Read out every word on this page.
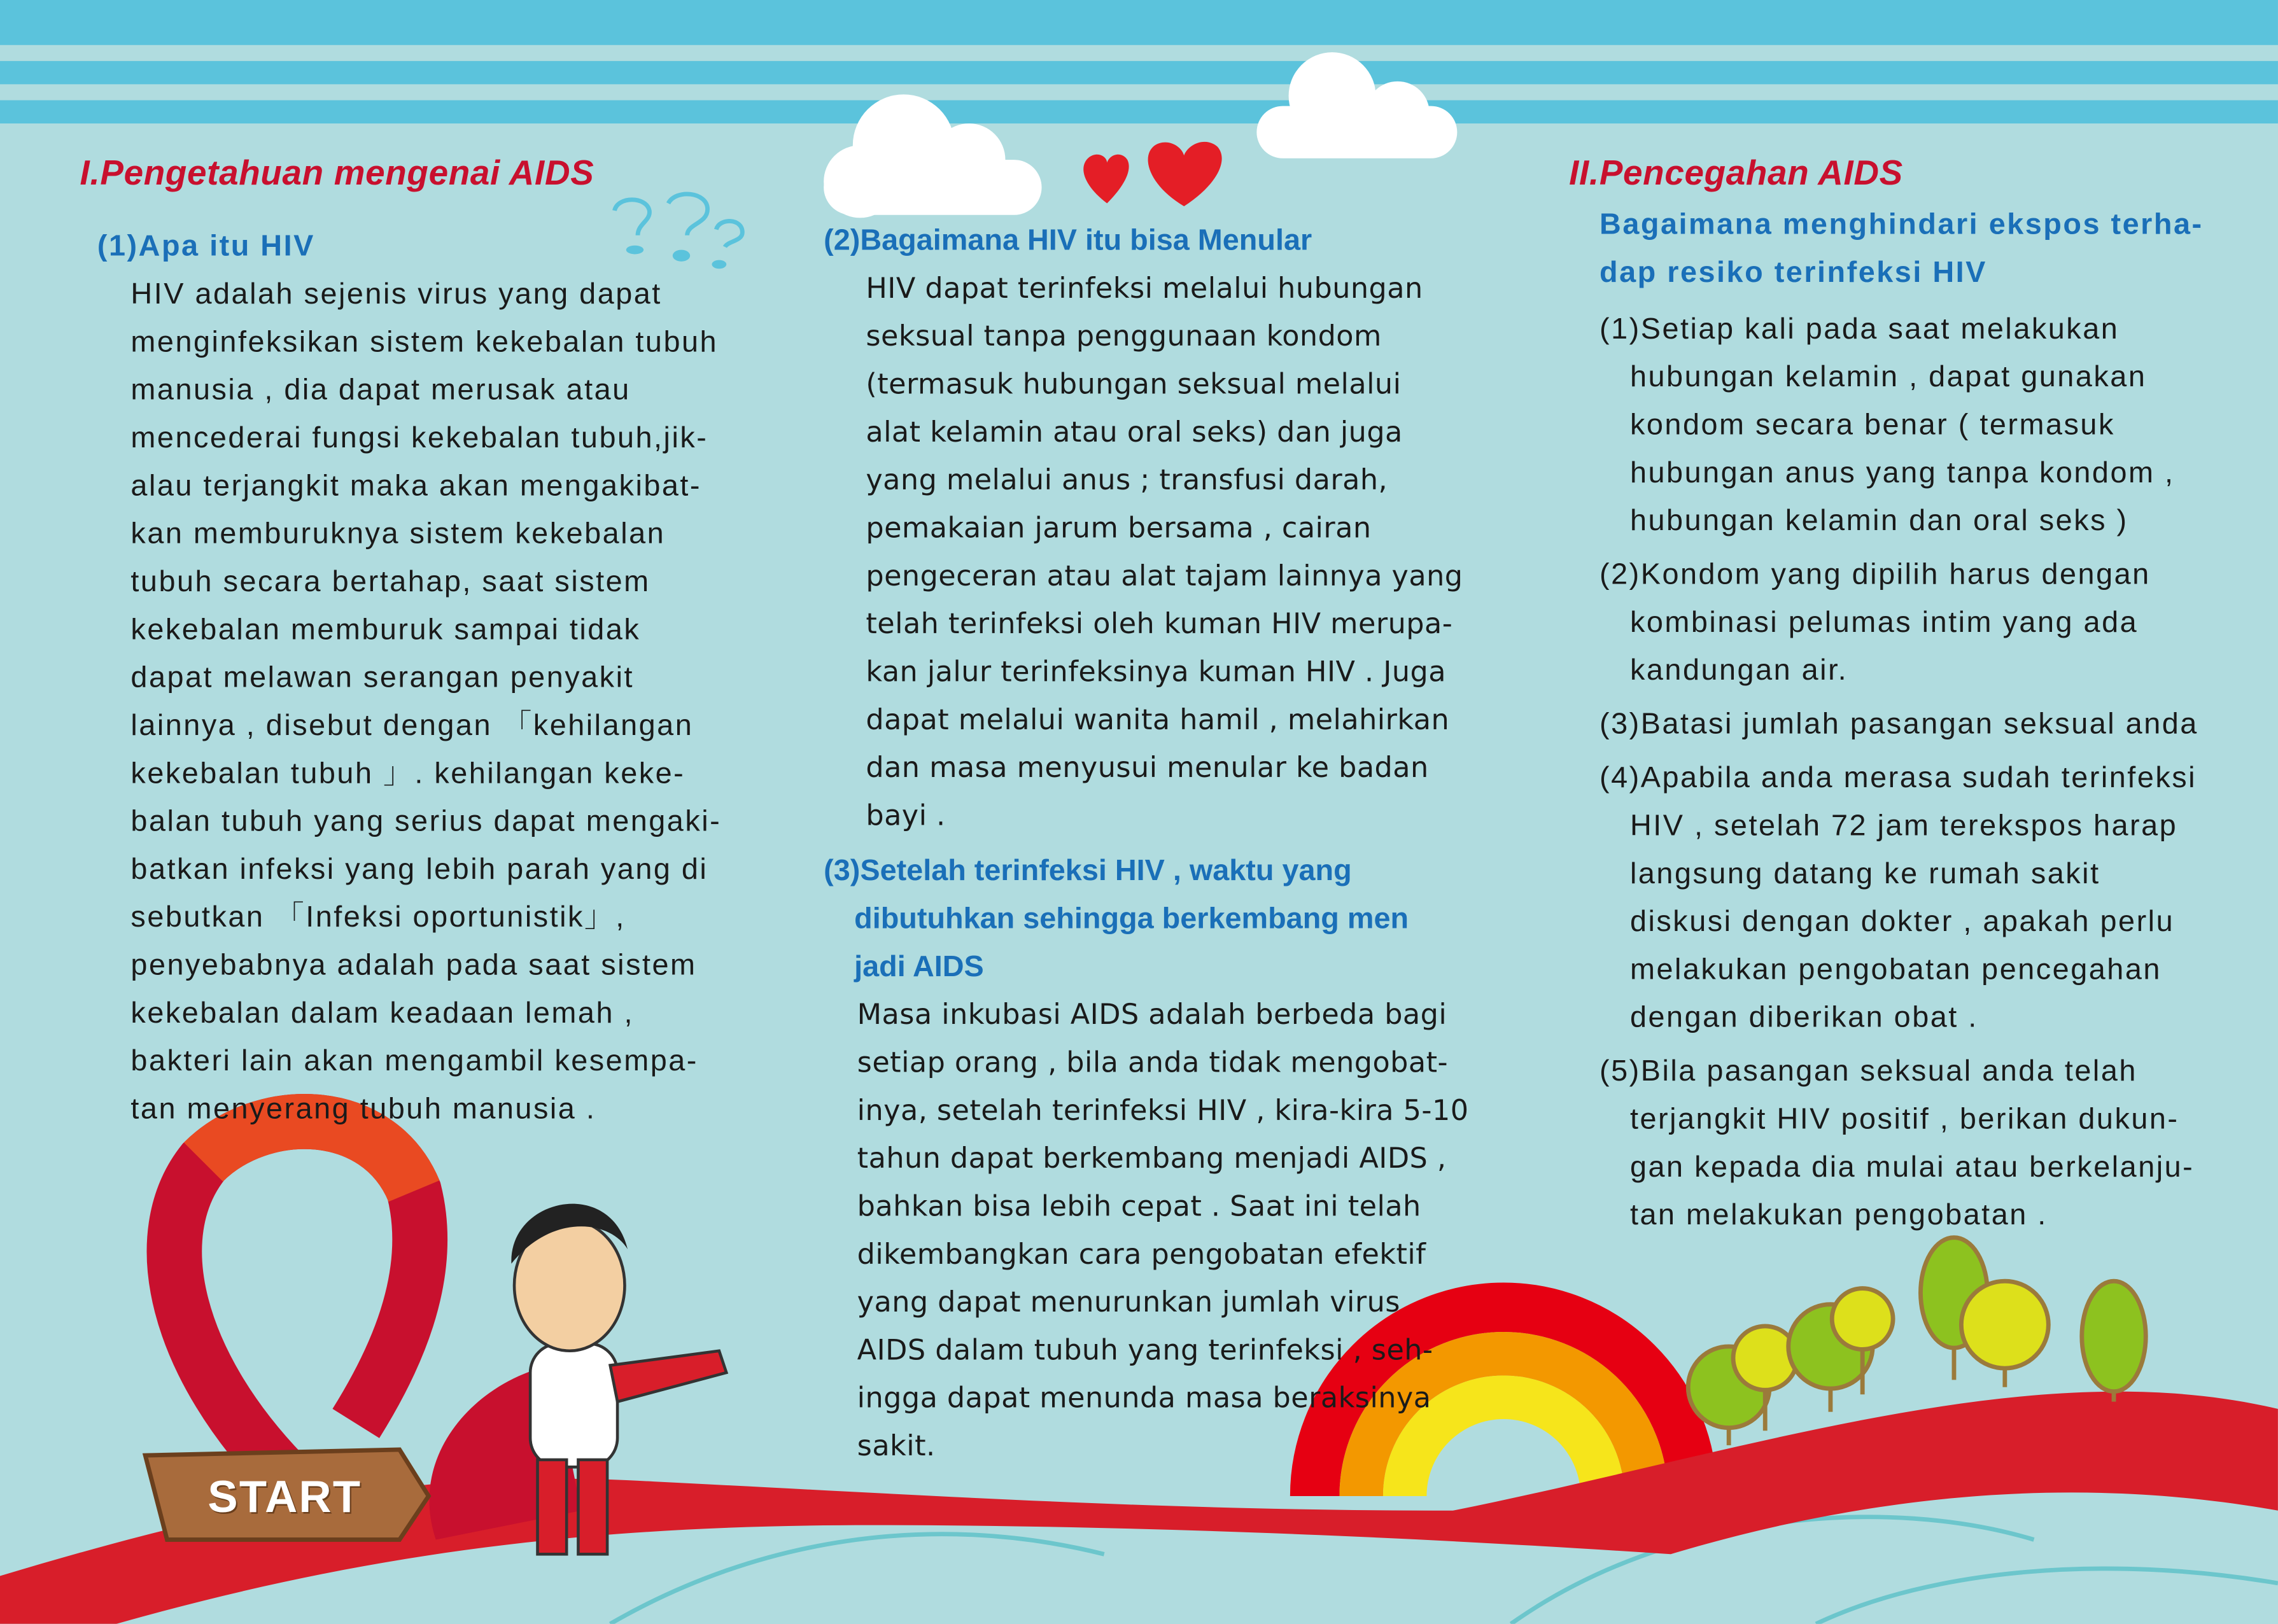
START
I.Pengetahuan mengenai AIDS
(1)Apa itu HIV
HIV adalah sejenis virus yang dapat
menginfeksikan sistem kekebalan tubuh
manusia , dia dapat merusak atau
mencederai fungsi kekebalan tubuh,jik-
alau terjangkit maka akan mengakibat-
kan memburuknya sistem kekebalan
tubuh secara bertahap, saat sistem
kekebalan memburuk sampai tidak
dapat melawan serangan penyakit
lainnya , disebut dengan 「kehilangan
kekebalan tubuh 」. kehilangan keke-
balan tubuh yang serius dapat mengaki-
batkan infeksi yang lebih parah yang di
sebutkan 「Infeksi oportunistik」,
penyebabnya adalah pada saat sistem
kekebalan dalam keadaan lemah ,
bakteri lain akan mengambil kesempa-
tan menyerang tubuh manusia .
(2)Bagaimana HIV itu bisa Menular
HIV dapat terinfeksi melalui hubungan
seksual tanpa penggunaan kondom
(termasuk hubungan seksual melalui
alat kelamin atau oral seks) dan juga
yang melalui anus ; transfusi darah,
pemakaian jarum bersama , cairan
pengeceran atau alat tajam lainnya yang
telah terinfeksi oleh kuman HIV merupa-
kan jalur terinfeksinya kuman HIV . Juga
dapat melalui wanita hamil , melahirkan
dan masa menyusui menular ke badan
bayi .
(3)Setelah terinfeksi HIV , waktu yang
dibutuhkan sehingga berkembang men
jadi AIDS
Masa inkubasi AIDS adalah berbeda bagi
setiap orang , bila anda tidak mengobat-
inya, setelah terinfeksi HIV , kira-kira 5-10
tahun dapat berkembang menjadi AIDS ,
bahkan bisa lebih cepat . Saat ini telah
dikembangkan cara pengobatan efektif
yang dapat menurunkan jumlah virus
AIDS dalam tubuh yang terinfeksi , seh-
ingga dapat menunda masa beraksinya
sakit.
II.Pencegahan AIDS
Bagaimana menghindari ekspos terha-
dap resiko terinfeksi HIV
(1)Setiap kali pada saat melakukan
hubungan kelamin , dapat gunakan
kondom secara benar ( termasuk
hubungan anus yang tanpa kondom ,
hubungan kelamin dan oral seks )
(2)Kondom yang dipilih harus dengan
kombinasi pelumas intim yang ada
kandungan air.
(3)Batasi jumlah pasangan seksual anda
(4)Apabila anda merasa sudah terinfeksi
HIV , setelah 72 jam terekspos harap
langsung datang ke rumah sakit
diskusi dengan dokter , apakah perlu
melakukan pengobatan pencegahan
dengan diberikan obat .
(5)Bila pasangan seksual anda telah
terjangkit HIV positif , berikan dukun-
gan kepada dia mulai atau berkelanju-
tan melakukan pengobatan .
